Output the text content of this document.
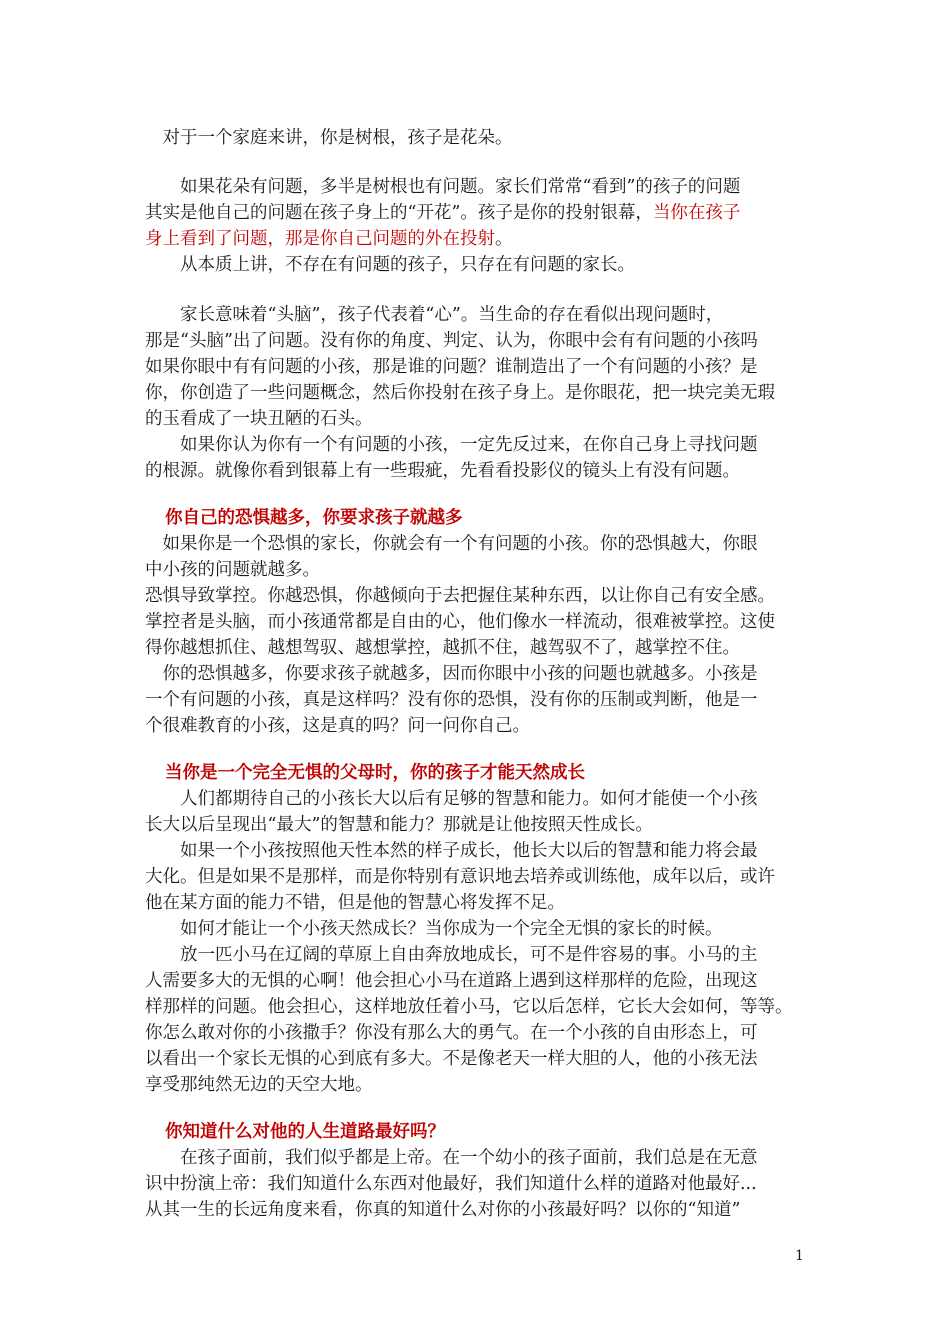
　对于一个家庭来讲，你是树根，孩子是花朵。
　　如果花朵有问题，多半是树根也有问题。家长们常常“看到”的孩子的问题
其实是他自己的问题在孩子身上的“开花”。孩子是你的投射银幕，当你在孩子
身上看到了问题，那是你自己问题的外在投射。
　　从本质上讲，不存在有问题的孩子，只存在有问题的家长。
　　家长意味着“头脑”，孩子代表着“心”。当生命的存在看似出现问题时，
那是“头脑”出了问题。没有你的角度、判定、认为，你眼中会有有问题的小孩吗
如果你眼中有有问题的小孩，那是谁的问题？谁制造出了一个有问题的小孩？是
你，你创造了一些问题概念，然后你投射在孩子身上。是你眼花，把一块完美无瑕
的玉看成了一块丑陋的石头。
　　如果你认为你有一个有问题的小孩，一定先反过来，在你自己身上寻找问题
的根源。就像你看到银幕上有一些瑕疵，先看看投影仪的镜头上有没有问题。
你自己的恐惧越多，你要求孩子就越多
　如果你是一个恐惧的家长，你就会有一个有问题的小孩。你的恐惧越大，你眼
中小孩的问题就越多。
恐惧导致掌控。你越恐惧，你越倾向于去把握住某种东西，以让你自己有安全感。
掌控者是头脑，而小孩通常都是自由的心，他们像水一样流动，很难被掌控。这使
得你越想抓住、越想驾驭、越想掌控，越抓不住，越驾驭不了，越掌控不住。
　你的恐惧越多，你要求孩子就越多，因而你眼中小孩的问题也就越多。小孩是
一个有问题的小孩，真是这样吗？没有你的恐惧，没有你的压制或判断，他是一
个很难教育的小孩，这是真的吗？问一问你自己。
当你是一个完全无惧的父母时，你的孩子才能天然成长
　　人们都期待自己的小孩长大以后有足够的智慧和能力。如何才能使一个小孩
长大以后呈现出“最大”的智慧和能力？那就是让他按照天性成长。
　　如果一个小孩按照他天性本然的样子成长，他长大以后的智慧和能力将会最
大化。但是如果不是那样，而是你特别有意识地去培养或训练他，成年以后，或许
他在某方面的能力不错，但是他的智慧心将发挥不足。
　　如何才能让一个小孩天然成长？当你成为一个完全无惧的家长的时候。
　　放一匹小马在辽阔的草原上自由奔放地成长，可不是件容易的事。小马的主
人需要多大的无惧的心啊！他会担心小马在道路上遇到这样那样的危险，出现这
样那样的问题。他会担心，这样地放任着小马，它以后怎样，它长大会如何，等等。
你怎么敢对你的小孩撒手？你没有那么大的勇气。在一个小孩的自由形态上，可
以看出一个家长无惧的心到底有多大。不是像老天一样大胆的人，他的小孩无法
享受那纯然无边的天空大地。
你知道什么对他的人生道路最好吗？
　　在孩子面前，我们似乎都是上帝。在一个幼小的孩子面前，我们总是在无意
识中扮演上帝：我们知道什么东西对他最好，我们知道什么样的道路对他最好...
从其一生的长远角度来看，你真的知道什么对你的小孩最好吗？以你的“知道”
1
